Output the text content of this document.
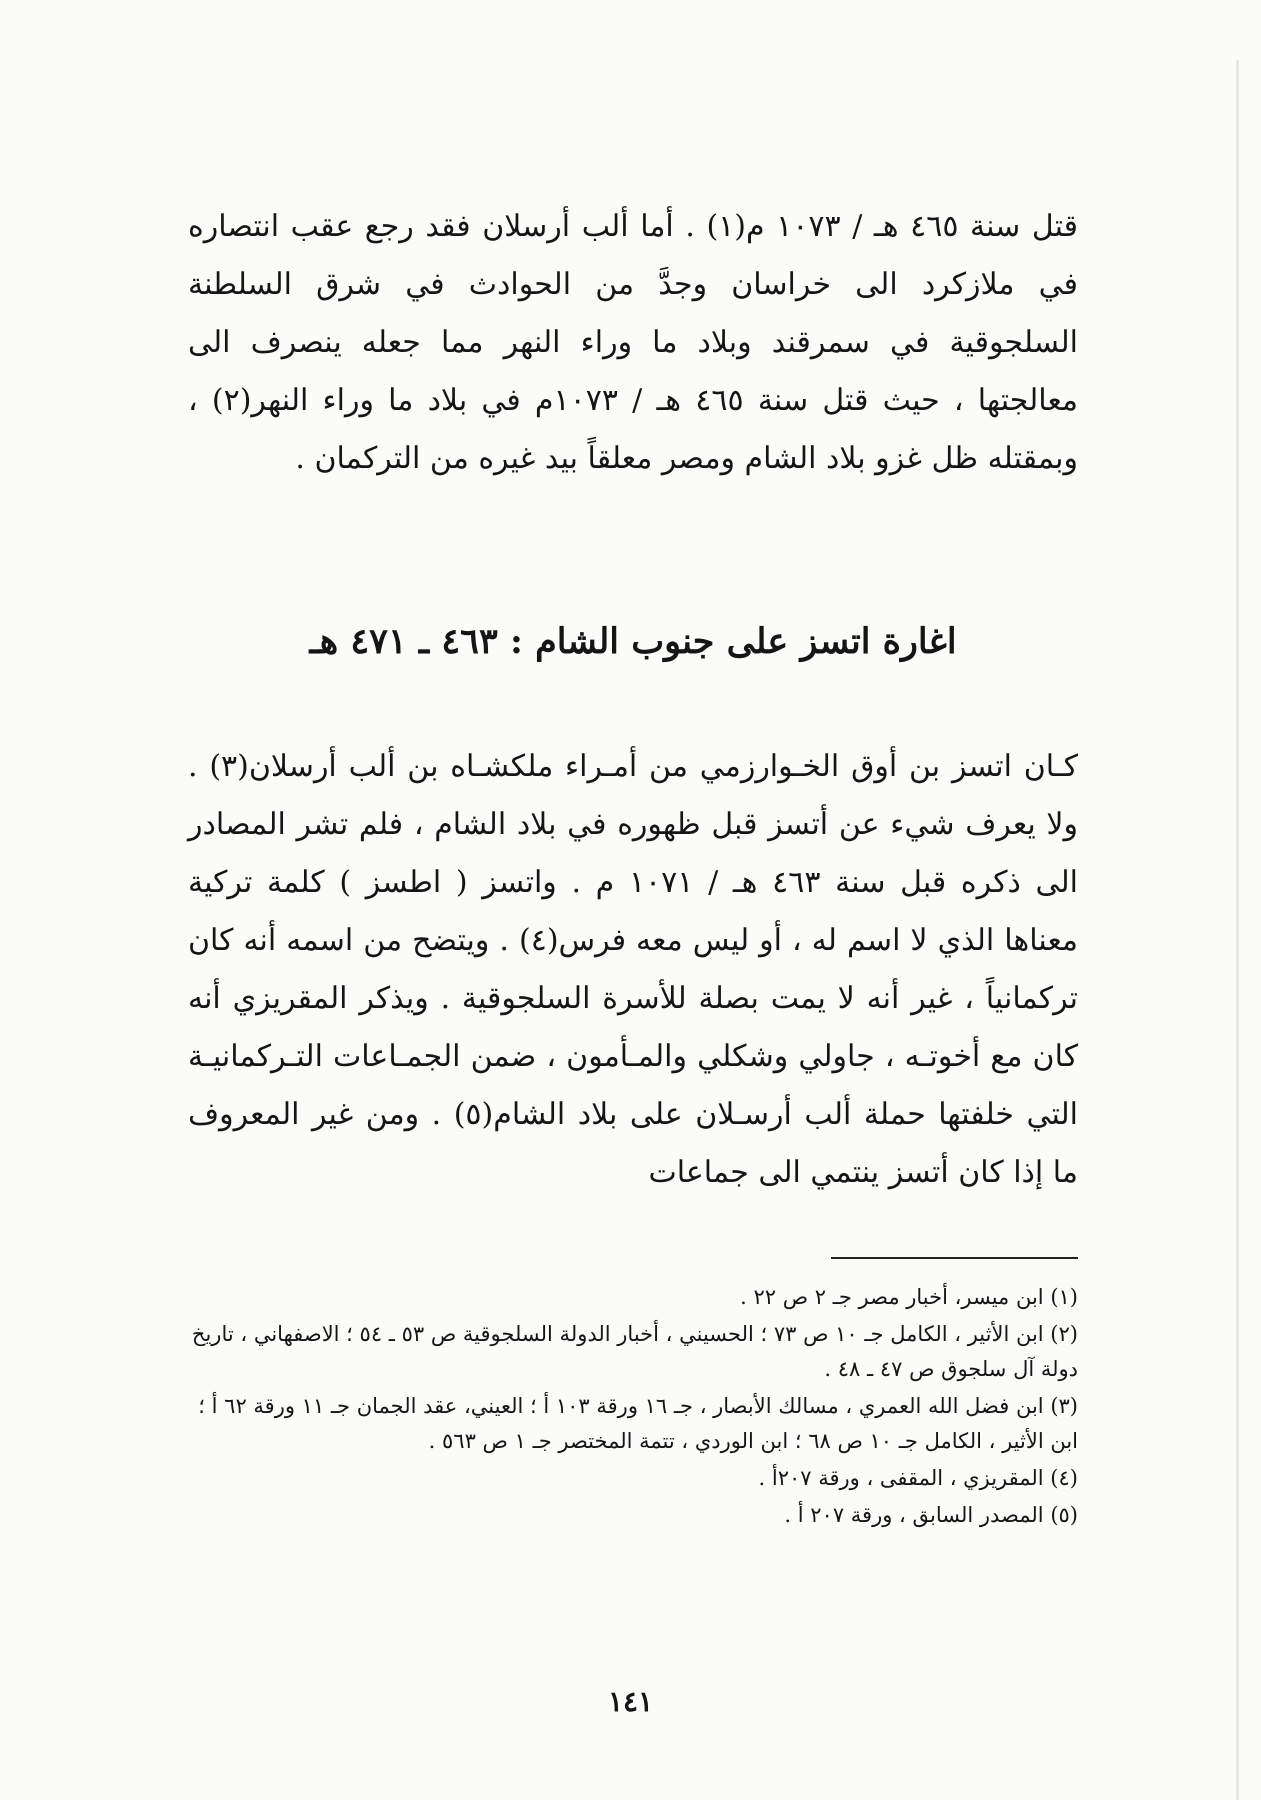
قتل سنة ٤٦٥ هـ / ١٠٧٣ م(١) . أما ألب أرسلان فقد رجع عقب انتصاره في ملازكرد الى خراسان وجدَّ من الحوادث في شرق السلطنة السلجوقية في سمرقند وبلاد ما وراء النهر مما جعله ينصرف الى معالجتها ، حيث قتل سنة ٤٦٥ هـ / ١٠٧٣م في بلاد ما وراء النهر(٢) ، وبمقتله ظل غزو بلاد الشام ومصر معلقاً بيد غيره من التركمان .

اغارة اتسز على جنوب الشام : ٤٦٣ ـ ٤٧١ هـ

كـان اتسز بن أوق الخـوارزمي من أمـراء ملكشـاه بن ألب أرسلان(٣) . ولا يعرف شيء عن أتسز قبل ظهوره في بلاد الشام ، فلم تشر المصادر الى ذكره قبل سنة ٤٦٣ هـ / ١٠٧١ م . واتسز ( اطسز ) كلمة تركية معناها الذي لا اسم له ، أو ليس معه فرس(٤) . ويتضح من اسمه أنه كان تركمانياً ، غير أنه لا يمت بصلة للأسرة السلجوقية . ويذكر المقريزي أنه كان مع أخوتـه ، جاولي وشكلي والمـأمون ، ضمن الجمـاعات التـركمانيـة التي خلفتها حملة ألب أرسـلان على بلاد الشام(٥) . ومن غير المعروف ما إذا كان أتسز ينتمي الى جماعات

(١) ابن ميسر، أخبار مصر جـ ٢ ص ٢٢ .

(٢) ابن الأثير ، الكامل جـ ١٠ ص ٧٣ ؛ الحسيني ، أخبار الدولة السلجوقية ص ٥٣ ـ ٥٤ ؛ الاصفهاني ، تاريخ دولة آل سلجوق ص ٤٧ ـ ٤٨ .

(٣) ابن فضل الله العمري ، مسالك الأبصار ، جـ ١٦ ورقة ١٠٣ أ ؛ العيني، عقد الجمان جـ ١١ ورقة ٦٢ أ ؛ ابن الأثير ، الكامل جـ ١٠ ص ٦٨ ؛ ابن الوردي ، تتمة المختصر جـ ١ ص ٥٦٣ .

(٤) المقريزي ، المقفى ، ورقة ٢٠٧أ .

(٥) المصدر السابق ، ورقة ٢٠٧ أ .

١٤١
